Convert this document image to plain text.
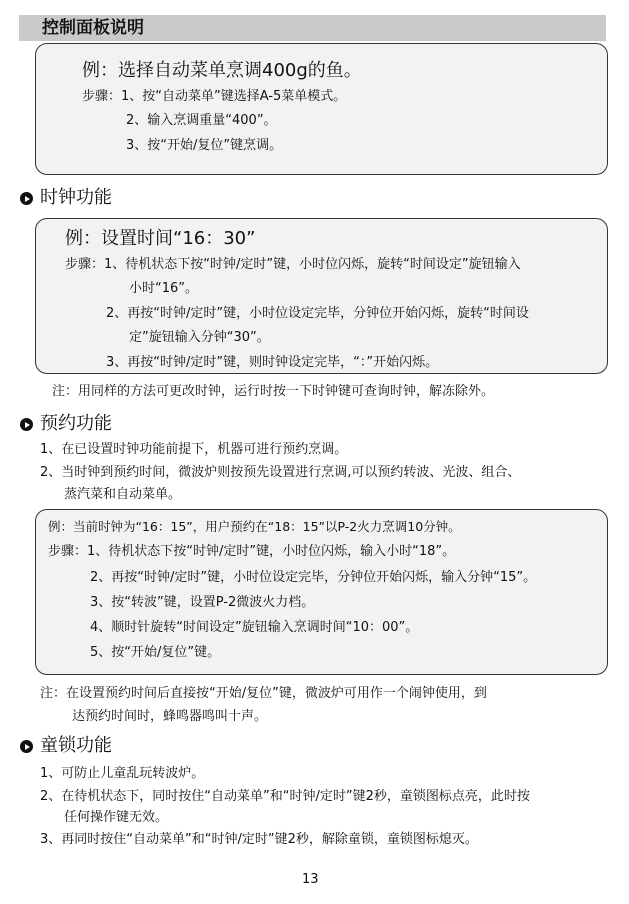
控制面板说明
例：选择自动菜单烹调400g的鱼。
步骤：1、按“自动菜单”键选择A-5菜单模式。
2、输入烹调重量“400”。
3、按“开始/复位”键烹调。
时钟功能
例：设置时间“16：30”
步骤：1、待机状态下按“时钟/定时”键，小时位闪烁，旋转“时间设定”旋钮输入
小时“16”。
2、再按“时钟/定时”键，小时位设定完毕，分钟位开始闪烁，旋转“时间设
定”旋钮输入分钟“30”。
3、再按“时钟/定时”键，则时钟设定完毕，“：”开始闪烁。
注：用同样的方法可更改时钟，运行时按一下时钟键可查询时钟，解冻除外。
预约功能
1、在已设置时钟功能前提下，机器可进行预约烹调。
2、当时钟到预约时间，微波炉则按预先设置进行烹调,可以预约转波、光波、组合、
蒸汽菜和自动菜单。
例：当前时钟为“16：15”，用户预约在“18：15”以P-2火力烹调10分钟。
步骤：1、待机状态下按“时钟/定时”键，小时位闪烁，输入小时“18”。
2、再按“时钟/定时”键，小时位设定完毕，分钟位开始闪烁，输入分钟“15”。
3、按“转波”键，设置P-2微波火力档。
4、顺时针旋转“时间设定”旋钮输入烹调时间“10：00”。
5、按“开始/复位”键。
注：在设置预约时间后直接按“开始/复位”键，微波炉可用作一个闹钟使用，到
达预约时间时，蜂鸣器鸣叫十声。
童锁功能
1、可防止儿童乱玩转波炉。
2、在待机状态下，同时按住“自动菜单”和“时钟/定时”键2秒，童锁图标点亮，此时按
任何操作键无效。
3、再同时按住“自动菜单”和“时钟/定时”键2秒，解除童锁，童锁图标熄灭。
13
